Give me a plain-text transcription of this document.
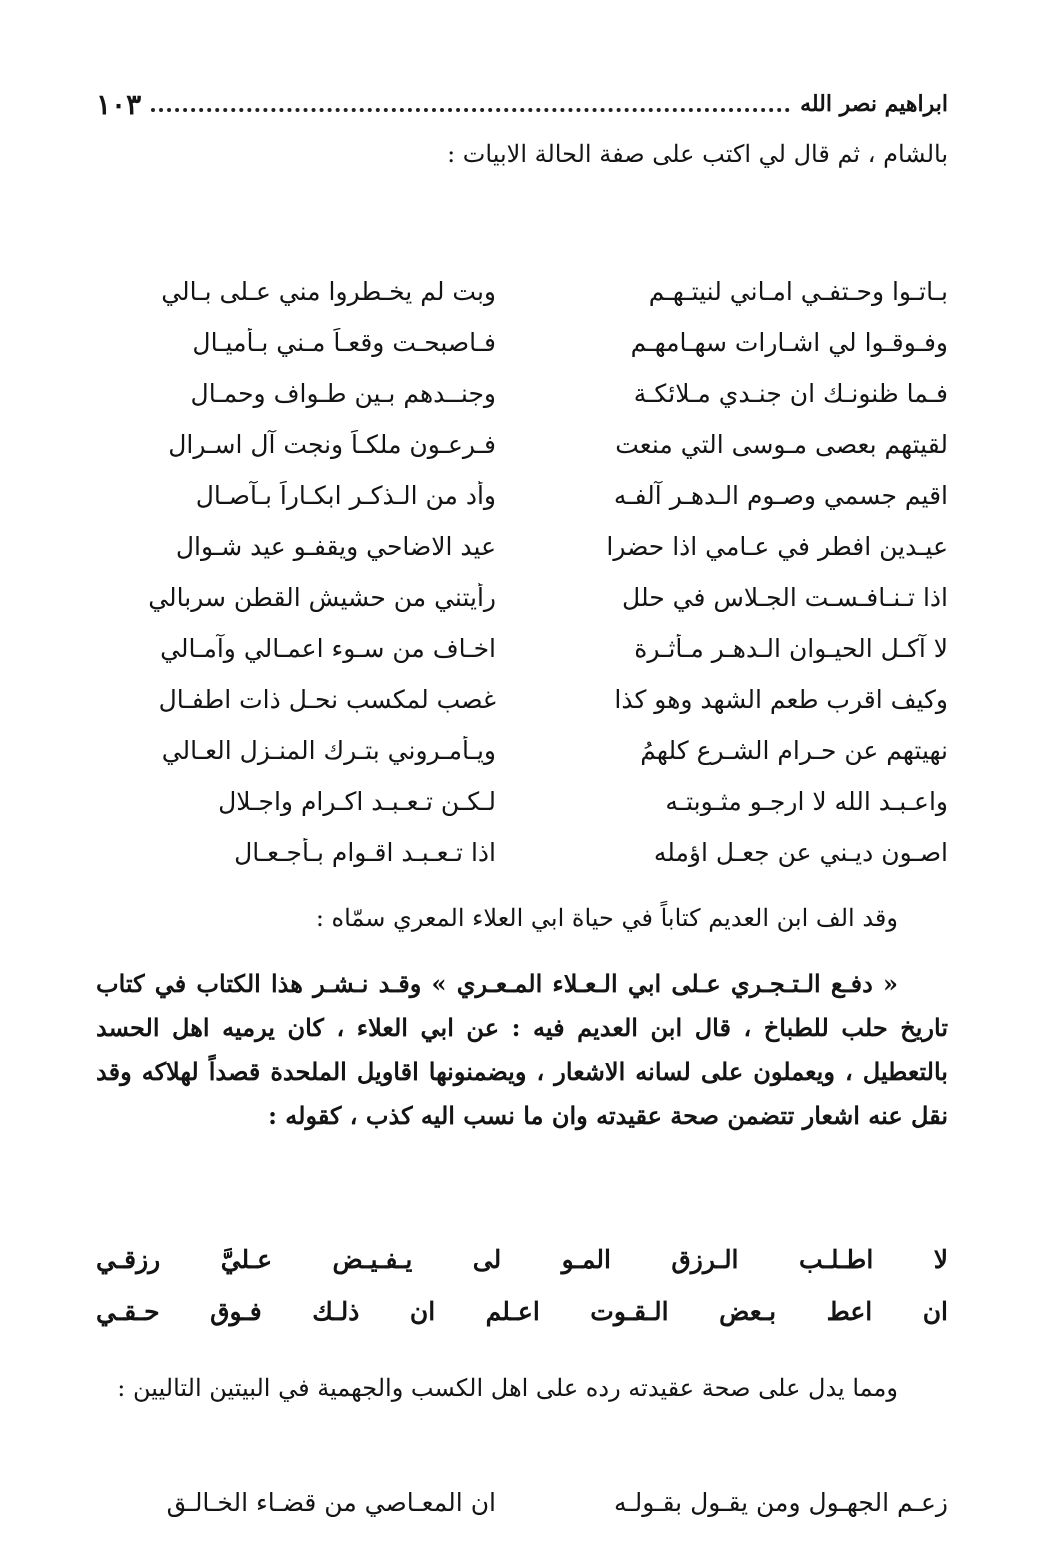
ابراهيم نصر الله
١٠٣

بالشام ، ثم قال لي اكتب على صفة الحالة الابيات :

بـاتـوا وحـتفـي امـاني لنيتـهـم
وبت لم يخـطروا مني عـلى بـالي
وفـوقـوا لي اشـارات سهـامهـم
فـاصبحـت وقعـاً مـني بـأميـال
فـما ظنونـك ان جنـدي مـلائكـة
وجنــدهم بـين طـواف وحمـال
لقيتهم بعصى مـوسى التي منعت
فـرعـون ملكـاً ونجت آل اسـرال
اقيم جسمي وصـوم الـدهـر آلفـه
وأد من الـذكـر ابكـاراً بـآصـال
عيـدين افطر في عـامي اذا حضرا
عيد الاضاحي ويقفـو عيد شـوال
اذا تـنـافـسـت الجـلاس في حلل
رأيتني من حشيش القطن سربالي
لا آكـل الحيـوان الـدهـر مـأثـرة
اخـاف من سـوء اعمـالي وآمـالي
وكيف اقرب طعم الشهد وهو كذا
غصب لمكسب نحـل ذات اطفـال
نهيتهم عن حـرام الشـرع كلهمُ
ويـأمـروني بتـرك المنـزل العـالي
واعـبـد الله لا ارجـو مثـوبتـه
لـكـن تـعـبـد اكـرام واجـلال
اصـون ديـني عن جعـل اؤمله
اذا تـعـبـد اقـوام بـأجـعـال

وقد الف ابن العديم كتاباً في حياة ابي العلاء المعري سمّاه :

« دفـع الـتـجـري عـلى ابي الـعـلاء المـعـري » وقـد نـشـر هذا الكتاب في كتاب تاريخ حلب للطباخ ، قال ابن العديم فيه : عن ابي العلاء ، كان يرميه اهل الحسد بالتعطيل ، ويعملون على لسانه الاشعار ، ويضمنونها اقاويل الملحدة قصداً لهلاكه وقد نقل عنه اشعار تتضمن صحة عقيدته وان ما نسب اليه كذب ، كقوله :

لا اطـلـب الـرزق المـو لى يـفـيـض عـليَّ رزقـي
ان اعط بـعض الـقـوت اعـلم ان ذلـك فـوق حـقـي

ومما يدل على صحة عقيدته رده على اهل الكسب والجهمية في البيتين التاليين :

زعـم الجهـول ومن يقـول بقـولـه
ان المعـاصي من قضـاء الخـالـق
